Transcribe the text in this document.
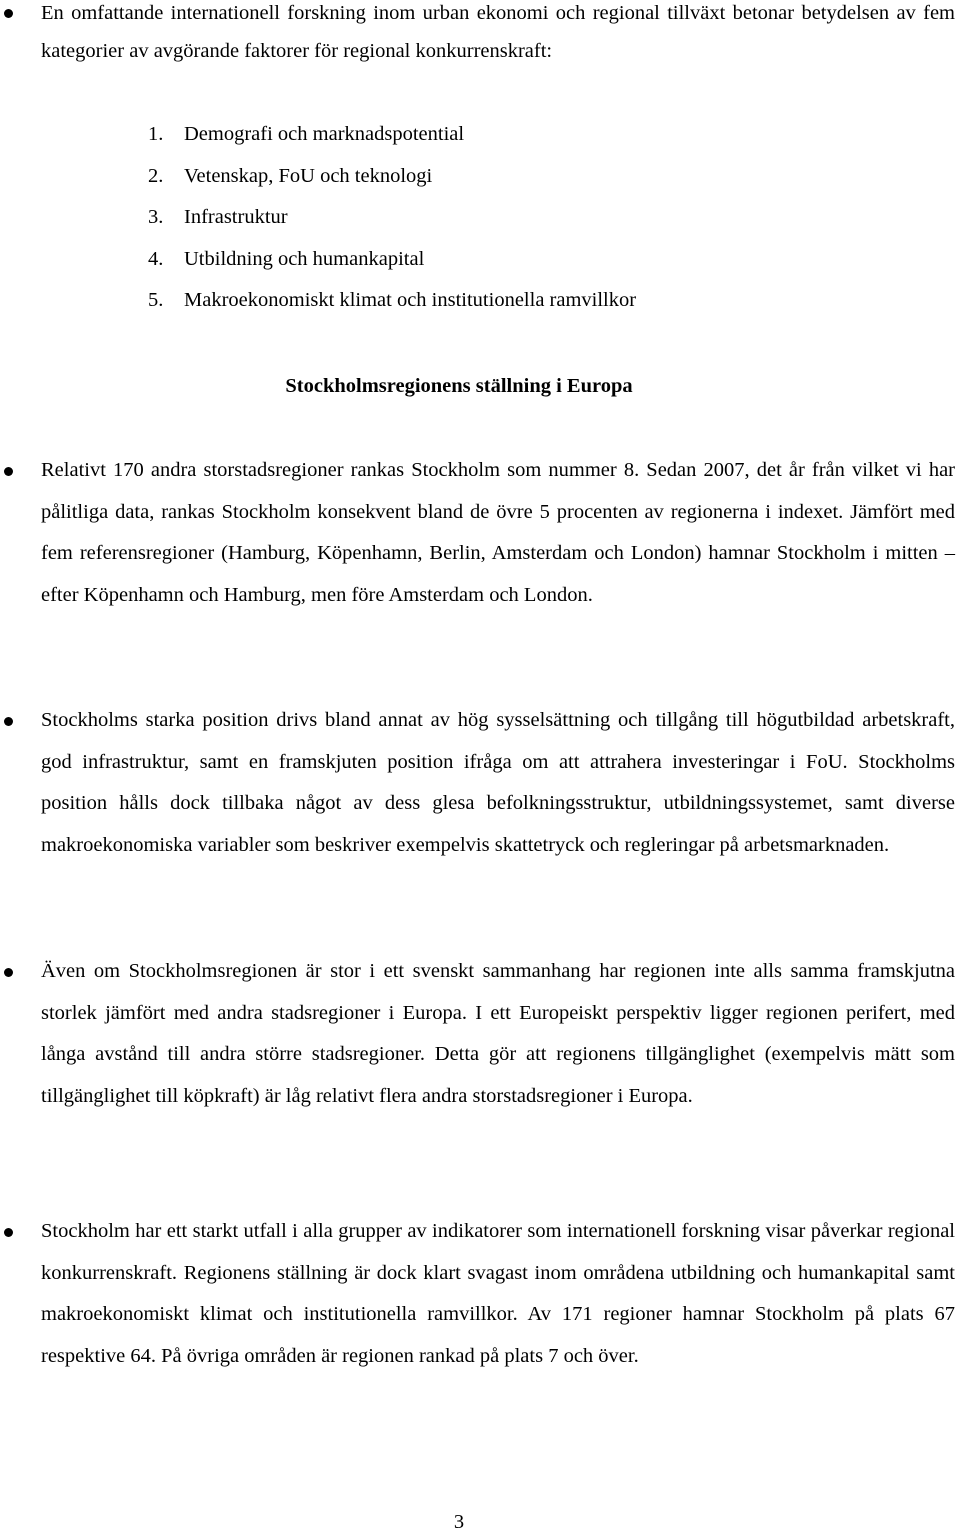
En omfattande internationell forskning inom urban ekonomi och regional tillväxt betonar betydelsen av fem kategorier av avgörande faktorer för regional konkurrenskraft:

1. Demografi och marknadspotential
2. Vetenskap, FoU och teknologi
3. Infrastruktur
4. Utbildning och humankapital
5. Makroekonomiskt klimat och institutionella ramvillkor
Stockholmsregionens ställning i Europa

Relativt 170 andra storstadsregioner rankas Stockholm som nummer 8. Sedan 2007, det år från vilket vi har pålitliga data, rankas Stockholm konsekvent bland de övre 5 procenten av regionerna i indexet. Jämfört med fem referensregioner (Hamburg, Köpenhamn, Berlin, Amsterdam och London) hamnar Stockholm i mitten – efter Köpenhamn och Hamburg, men före Amsterdam och London.

Stockholms starka position drivs bland annat av hög sysselsättning och tillgång till högutbildad arbetskraft, god infrastruktur, samt en framskjuten position ifråga om att attrahera investeringar i FoU. Stockholms position hålls dock tillbaka något av dess glesa befolkningsstruktur, utbildningssystemet, samt diverse makroekonomiska variabler som beskriver exempelvis skattetryck och regleringar på arbetsmarknaden.

Även om Stockholmsregionen är stor i ett svenskt sammanhang har regionen inte alls samma framskjutna storlek jämfört med andra stadsregioner i Europa. I ett Europeiskt perspektiv ligger regionen perifert, med långa avstånd till andra större stadsregioner. Detta gör att regionens tillgänglighet (exempelvis mätt som tillgänglighet till köpkraft) är låg relativt flera andra storstadsregioner i Europa.

Stockholm har ett starkt utfall i alla grupper av indikatorer som internationell forskning visar påverkar regional konkurrenskraft. Regionens ställning är dock klart svagast inom områdena utbildning och humankapital samt makroekonomiskt klimat och institutionella ramvillkor. Av 171 regioner hamnar Stockholm på plats 67 respektive 64. På övriga områden är regionen rankad på plats 7 och över.

3
